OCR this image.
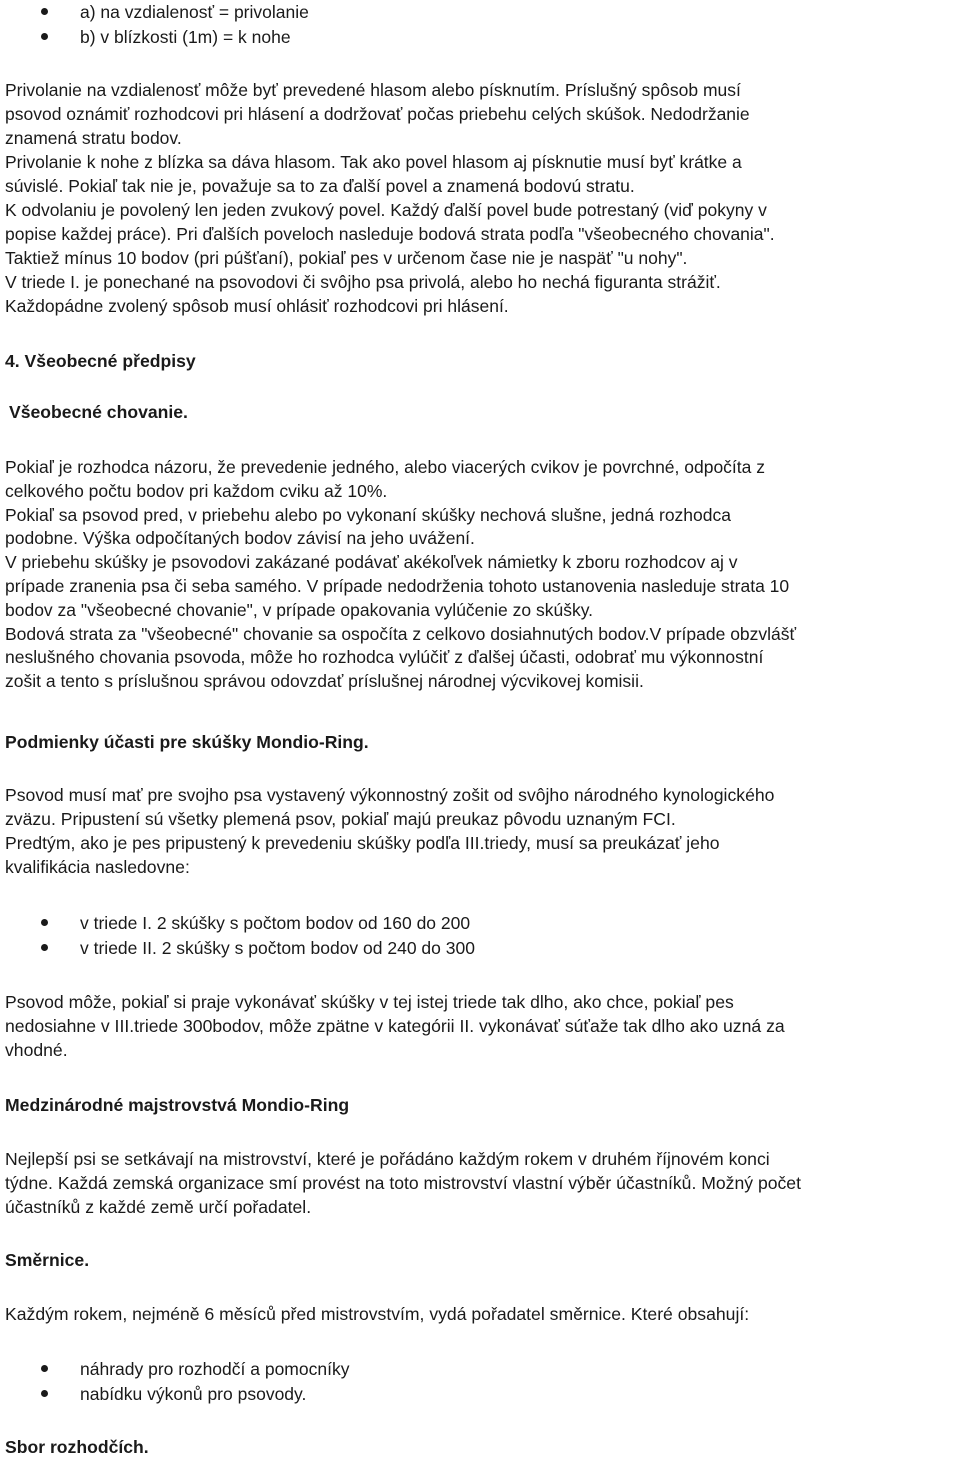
a) na vzdialenosť = privolanie
b) v blízkosti (1m) = k nohe
Privolanie na vzdialenosť môže byť prevedené hlasom alebo písknutím. Príslušný spôsob musí
psovod oznámiť rozhodcovi pri hlásení a dodržovať počas priebehu celých skúšok. Nedodržanie
znamená stratu bodov.
Privolanie k nohe z blízka sa dáva hlasom. Tak ako povel hlasom aj písknutie musí byť krátke a
súvislé. Pokiaľ tak nie je, považuje sa to za ďalší povel a znamená bodovú stratu.
K odvolaniu je povolený len jeden zvukový povel. Každý ďalší povel bude potrestaný (viď pokyny v
popise každej práce). Pri ďalších poveloch nasleduje bodová strata podľa "všeobecného chovania".
Taktiež mínus 10 bodov (pri púšťaní), pokiaľ pes v určenom čase nie je naspäť "u nohy".
V triede I. je ponechané na psovodovi či svôjho psa privolá, alebo ho nechá figuranta strážiť.
Každopádne zvolený spôsob musí ohlásiť rozhodcovi pri hlásení.
4. Všeobecné předpisy
Všeobecné chovanie.
Pokiaľ je rozhodca názoru, že prevedenie jedného, alebo viacerých cvikov je povrchné, odpočíta z
celkového počtu bodov pri každom cviku až 10%.
Pokiaľ sa psovod pred, v priebehu alebo po vykonaní skúšky nechová slušne, jedná rozhodca
podobne. Výška odpočítaných bodov závisí na jeho uvážení.
V priebehu skúšky je psovodovi zakázané podávať akékoľvek námietky k zboru rozhodcov aj v
prípade zranenia psa či seba samého. V prípade nedodrženia tohoto ustanovenia nasleduje strata 10
bodov za "všeobecné chovanie", v prípade opakovania vylúčenie zo skúšky.
Bodová strata za "všeobecné" chovanie sa ospočíta z celkovo dosiahnutých bodov.V prípade obzvlášť
neslušného chovania psovoda, môže ho rozhodca vylúčiť z ďalšej účasti, odobrať mu výkonnostní
zošit a tento s príslušnou správou odovzdať príslušnej národnej výcvikovej komisii.
Podmienky účasti pre skúšky Mondio-Ring.
Psovod musí mať pre svojho psa vystavený výkonnostný zošit od svôjho národného kynologického
zväzu. Pripustení sú všetky plemená psov, pokiaľ majú preukaz pôvodu uznaným FCI.
Predtým, ako je pes pripustený k prevedeniu skúšky podľa III.triedy, musí sa preukázať jeho
kvalifikácia nasledovne:
v triede I. 2 skúšky s počtom bodov od 160 do 200
v triede II. 2 skúšky s počtom bodov od 240 do 300
Psovod môže, pokiaľ si praje vykonávať skúšky v tej istej triede tak dlho, ako chce, pokiaľ pes
nedosiahne v III.triede 300bodov, môže zpätne v kategórii II. vykonávať súťaže tak dlho ako uzná za
vhodné.
Medzinárodné majstrovstvá Mondio-Ring
Nejlepší psi se setkávají na mistrovství, které je pořádáno každým rokem v druhém říjnovém konci
týdne. Každá zemská organizace smí provést na toto mistrovství vlastní výběr účastníků. Možný počet
účastníků z každé země určí pořadatel.
Směrnice.
Každým rokem, nejméně 6 měsíců před mistrovstvím, vydá pořadatel směrnice. Které obsahují:
náhrady pro rozhodčí a pomocníky
nabídku výkonů pro psovody.
Sbor rozhodčích.
